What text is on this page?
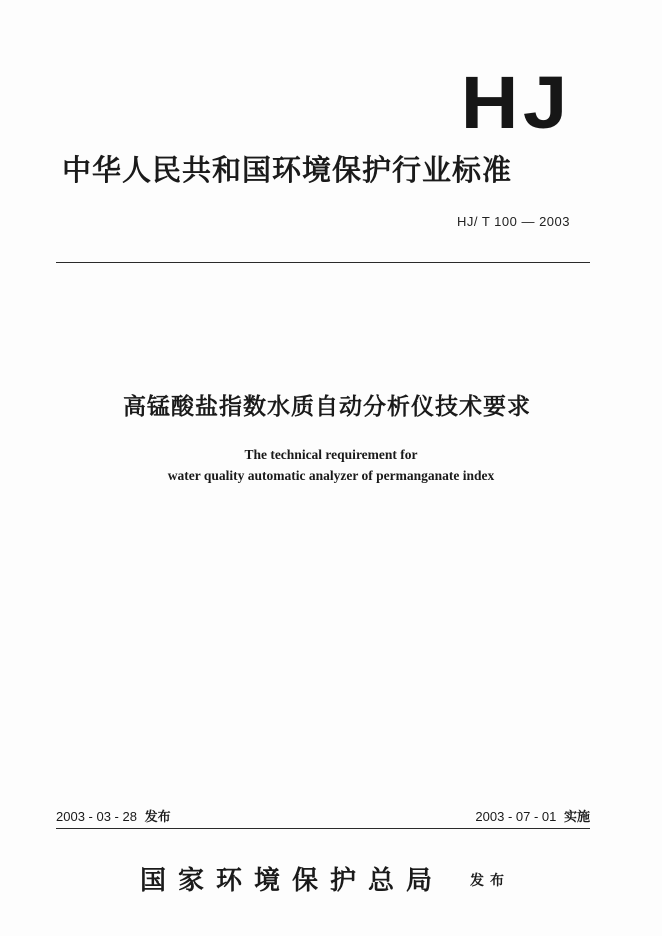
HJ
中华人民共和国环境保护行业标准
HJ/ T 100 — 2003
高锰酸盐指数水质自动分析仪技术要求
The technical requirement for
water quality automatic analyzer of permanganate index
2003 - 03 - 28 发布	2003 - 07 - 01 实施
国家环境保护总局 发布
